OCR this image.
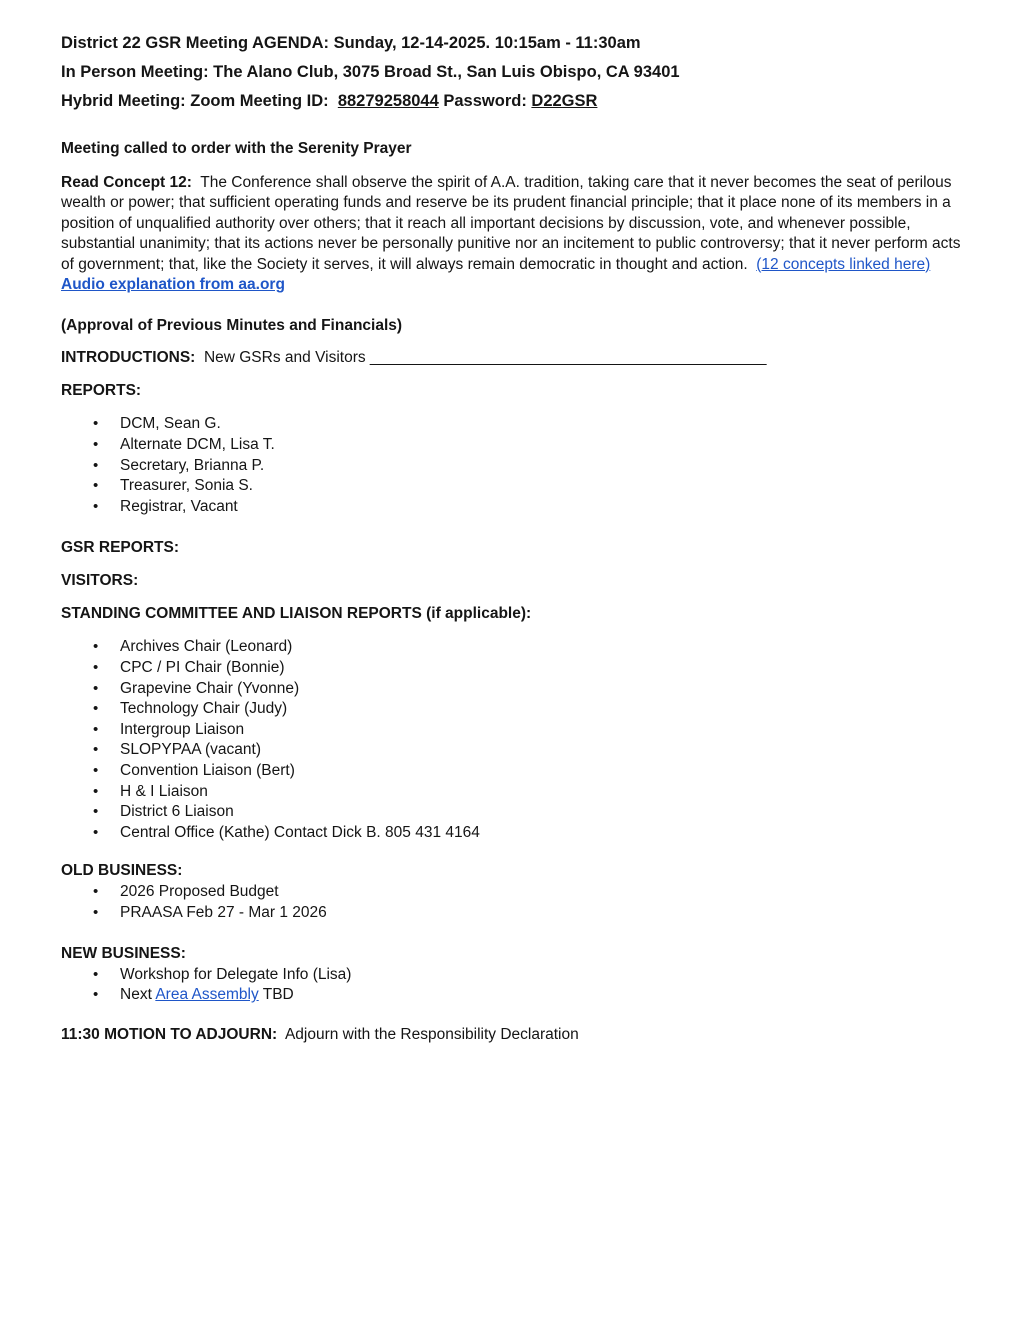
District 22 GSR Meeting AGENDA: Sunday, 12-14-2025. 10:15am - 11:30am

In Person Meeting: The Alano Club, 3075 Broad St., San Luis Obispo, CA 93401

Hybrid Meeting: Zoom Meeting ID:  88279258044 Password: D22GSR

Meeting called to order with the Serenity Prayer

Read Concept 12:  The Conference shall observe the spirit of A.A. tradition, taking care that it never becomes the seat of perilous wealth or power; that sufficient operating funds and reserve be its prudent financial principle; that it place none of its members in a position of unqualified authority over others; that it reach all important decisions by discussion, vote, and whenever possible, substantial unanimity; that its actions never be personally punitive nor an incitement to public controversy; that it never perform acts of government; that, like the Society it serves, it will always remain democratic in thought and action.  (12 concepts linked here) Audio explanation from aa.org

(Approval of Previous Minutes and Financials)

INTRODUCTIONS:  New GSRs and Visitors ______________________________________________

REPORTS:

• DCM, Sean G.
• Alternate DCM, Lisa T.
• Secretary, Brianna P.
• Treasurer, Sonia S.
• Registrar, Vacant

GSR REPORTS:

VISITORS:

STANDING COMMITTEE AND LIAISON REPORTS (if applicable):

• Archives Chair (Leonard)
• CPC / PI Chair (Bonnie)
• Grapevine Chair (Yvonne)
• Technology Chair (Judy)
• Intergroup Liaison
• SLOPYPAA (vacant)
• Convention Liaison (Bert)
• H & I Liaison
• District 6 Liaison
• Central Office (Kathe) Contact Dick B. 805 431 4164

OLD BUSINESS:

• 2026 Proposed Budget
• PRAASA Feb 27 - Mar 1 2026

NEW BUSINESS:

• Workshop for Delegate Info (Lisa)
• Next Area Assembly TBD

11:30 MOTION TO ADJOURN:  Adjourn with the Responsibility Declaration
